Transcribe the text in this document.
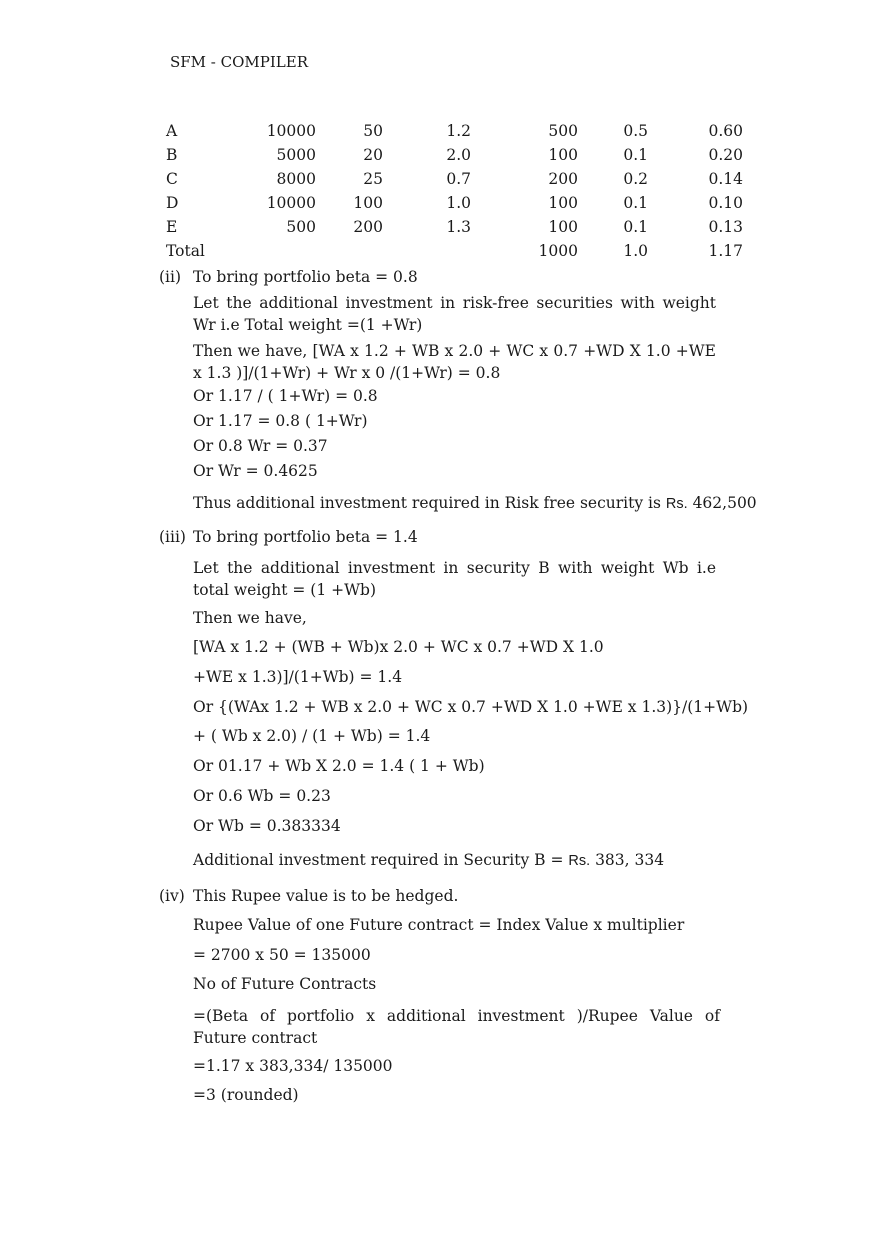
SFM - COMPILER
A	10000	50	1.2	500	0.5	0.60
B	5000	20	2.0	100	0.1	0.20
C	8000	25	0.7	200	0.2	0.14
D	10000	100	1.0	100	0.1	0.10
E	500	200	1.3	100	0.1	0.13
Total				1000	1.0	1.17
(ii) To bring portfolio beta = 0.8
Let the additional investment in risk-free securities with weight Wr i.e Total weight =(1 +Wr)
Then we have, [WA x 1.2 + WB x 2.0 + WC x 0.7 +WD X 1.0 +WE x 1.3 )]/(1+Wr) + Wr x 0 /(1+Wr) = 0.8
Or 1.17 / ( 1+Wr) = 0.8
Or 1.17 = 0.8 ( 1+Wr)
Or 0.8 Wr = 0.37
Or Wr = 0.4625
Thus additional investment required in Risk free security is Rs. 462,500
(iii) To bring portfolio beta = 1.4
Let the additional investment in security B with weight Wb i.e total weight = (1 +Wb)
Then we have,
[WA x 1.2 + (WB + Wb)x 2.0 + WC x 0.7 +WD X 1.0
+WE x 1.3)]/(1+Wb) = 1.4
Or {(WAx 1.2 + WB x 2.0 + WC x 0.7 +WD X 1.0 +WE x 1.3)}/(1+Wb)
+ ( Wb x 2.0) / (1 + Wb) = 1.4
Or 01.17 + Wb X 2.0 = 1.4 ( 1 + Wb)
Or 0.6 Wb = 0.23
Or Wb = 0.383334
Additional investment required in Security B = Rs. 383, 334
(iv) This Rupee value is to be hedged.
Rupee Value of one Future contract = Index Value x multiplier
= 2700 x 50 = 135000
No of Future Contracts
=(Beta of portfolio x additional investment )/Rupee Value of Future contract
=1.17 x 383,334/ 135000
=3 (rounded)
